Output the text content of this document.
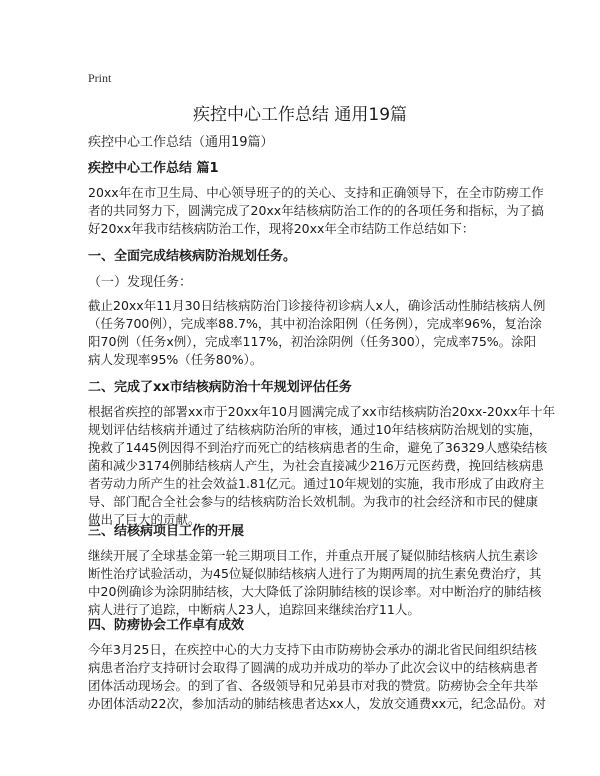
Print
疾控中心工作总结 通用19篇
疾控中心工作总结（通用19篇）
疾控中心工作总结 篇1
20xx年在市卫生局、中心领导班子的的关心、支持和正确领导下，在全市防痨工作
者的共同努力下，圆满完成了20xx年结核病防治工作的的各项任务和指标，为了搞
好20xx年我市结核病防治工作，现将20xx年全市结防工作总结如下：
一、全面完成结核病防治规划任务。
（一）发现任务：
截止20xx年11月30日结核病防治门诊接待初诊病人x人，确诊活动性肺结核病人例
（任务700例），完成率88.7%，其中初治涂阳例（任务例），完成率96%，复治涂
阳70例（任务x例），完成率117%，初治涂阴例（任务300），完成率75%。涂阳
病人发现率95%（任务80%）。
二、完成了xx市结核病防治十年规划评估任务
根据省疾控的部署xx市于20xx年10月圆满完成了xx市结核病防治20xx-20xx年十年
规划评估结核病并通过了结核病防治所的审核，通过10年结核病防治规划的实施，
挽救了1445例因得不到治疗而死亡的结核病患者的生命，避免了36329人感染结核
菌和减少3174例肺结核病人产生，为社会直接减少216万元医药费，挽回结核病患
者劳动力所产生的社会效益1.81亿元。通过10年规划的实施，我市形成了由政府主
导、部门配合全社会参与的结核病防治长效机制。为我市的社会经济和市民的健康
做出了巨大的贡献。
三、结核病项目工作的开展
继续开展了全球基金第一轮三期项目工作，并重点开展了疑似肺结核病人抗生素诊
断性治疗试验活动，为45位疑似肺结核病人进行了为期两周的抗生素免费治疗，其
中20例确诊为涂阴肺结核，大大降低了涂阴肺结核的误诊率。对中断治疗的肺结核
病人进行了追踪，中断病人23人，追踪回来继续治疗11人。
四、防痨协会工作卓有成效
今年3月25日，在疾控中心的大力支持下由市防痨协会承办的湖北省民间组织结核
病患者治疗支持研讨会取得了圆满的成功并成功的举办了此次会议中的结核病患者
团体活动现场会。的到了省、各级领导和兄弟县市对我的赞赏。防痨协会全年共举
办团体活动22次，参加活动的肺结核患者达xx人，发放交通费xx元，纪念品份。对
